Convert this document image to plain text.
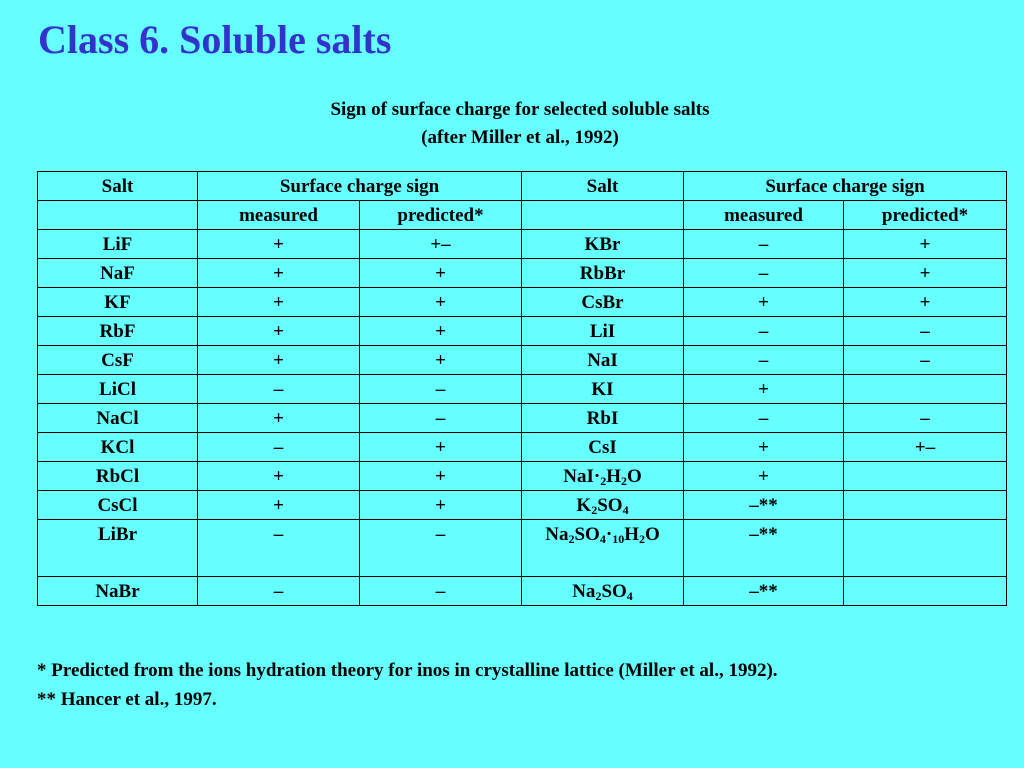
Class 6. Soluble salts
Sign of surface charge for selected soluble salts
(after Miller et al., 1992)
Salt	Surface charge sign		Salt	Surface charge sign	
	measured	predicted*		measured	predicted*
LiF	+	+–	KBr	–	+
NaF	+	+	RbBr	–	+
KF	+	+	CsBr	+	+
RbF	+	+	LiI	–	–
CsF	+	+	NaI	–	–
LiCl	–	–	KI	+	
NaCl	+	–	RbI	–	–
KCl	–	+	CsI	+	+–
RbCl	+	+	$NaI\cdot_2H_2O$	+	
CsCl	+	+	$K_2SO_4$	–**	
LiBr	–	–	$Na_2SO_4\cdot_{10}H_2O$	–**	
NaBr	–	–	$Na_2SO_4$	–**	
* Predicted from the ions hydration theory for inos in crystalline lattice (Miller et al., 1992).
** Hancer et al., 1997.
